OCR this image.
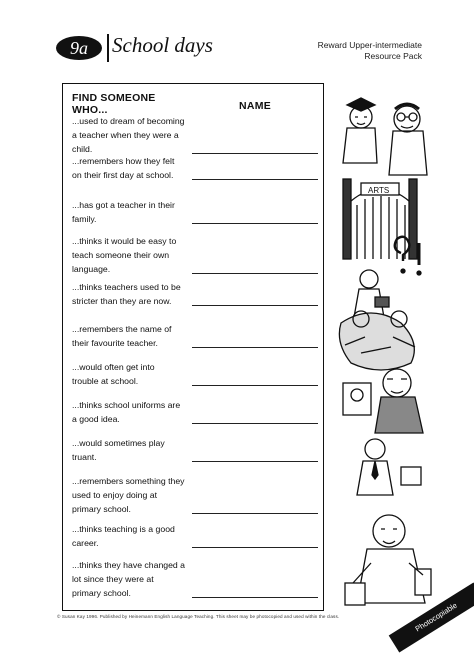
9a	School days	Reward Upper-intermediate
Resource Pack
FIND SOMEONE
WHO...	NAME
...used to dream of becoming
a teacher when they were a
child.
...remembers how they felt
on their first day at school.
...has got a teacher in their
family.
...thinks it would be easy to
teach someone their own
language.
...thinks teachers used to be
stricter than they are now.
...remembers the name of
their favourite teacher.
...would often get into
trouble at school.
...thinks school uniforms are
a good idea.
...would sometimes play
truant.
...remembers something they
used to enjoy doing at
primary school.
...thinks teaching is a good
career.
...thinks they have changed a
lot since they were at
primary school.
© Susan Kay 1996. Published by Heinemann English Language Teaching. This sheet may be photocopied and used within the class.	Photocopiable
ARTS
